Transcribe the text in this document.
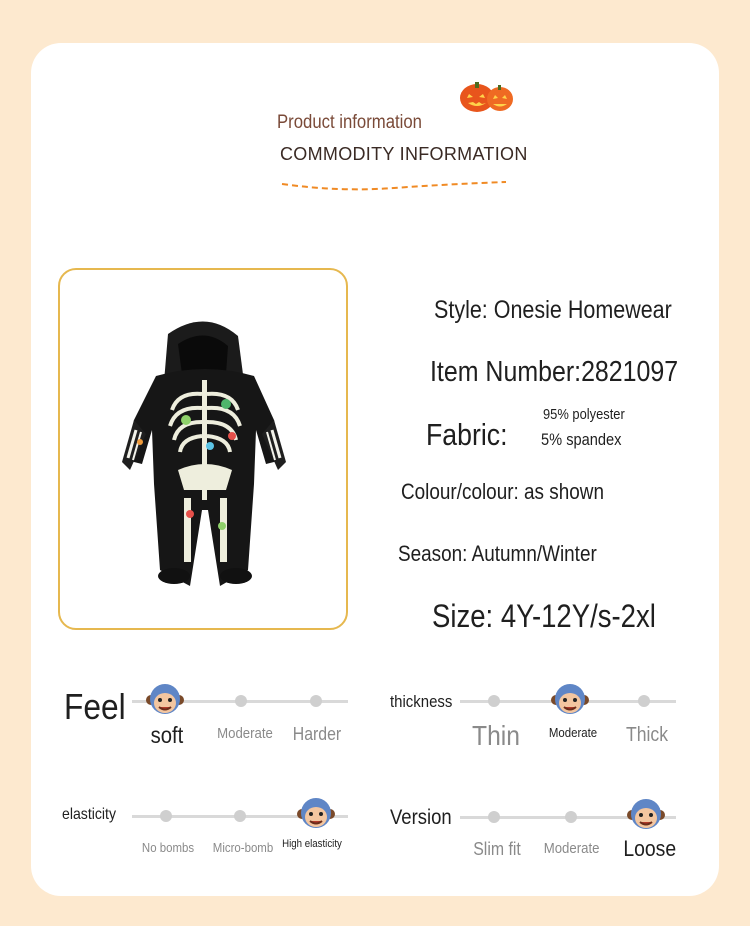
Product information
COMMODITY INFORMATION
Style: Onesie Homewear
Item Number:2821097
Fabric:
95% polyester
5% spandex
Colour/colour: as shown
Season: Autumn/Winter
Size: 4Y-12Y/s-2xl
Feel
soft	Moderate Harder
thickness
Thin	Moderate Thick
elasticity
No bombs Micro-bomb High elasticity
Version
Slim fit Moderate Loose
